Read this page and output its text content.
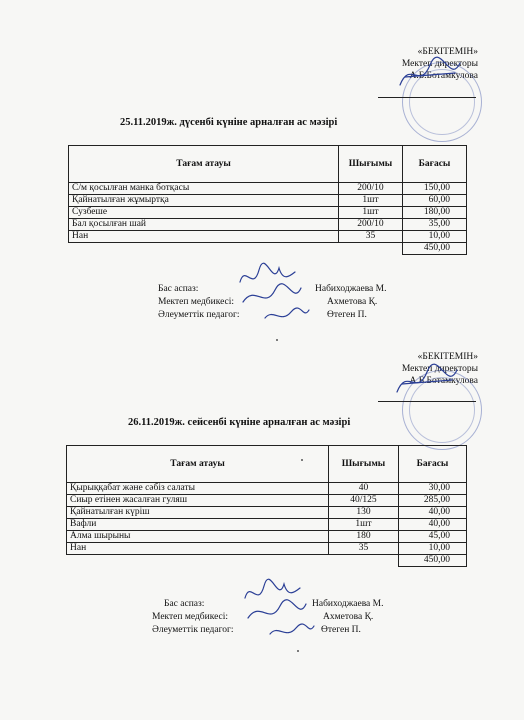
«БЕКІТЕМІН»
Мектеп директоры
А.Б.Ботамкулова
25.11.2019ж. дүсенбі күніне арналған ас мәзірі
Тағам атауы	Шығымы	Бағасы
С/м қосылған манка ботқасы	200/10	150,00
Қайнатылған жұмыртқа	1шт	60,00
Сузбеше	1шт	180,00
Бал қосылған шай	200/10	35,00
Нан	35	10,00
		450,00
Бас аспаз:	Набиходжаева М.
Мектеп медбикесі:	Ахметова Қ.
Әлеуметтік педагог:	Өтеген П.
«БЕКІТЕМІН»
Мектеп директоры
А.Б.Ботамкулова
26.11.2019ж. сейсенбі күніне арналған ас мәзірі
Тағам атауы	Шығымы	Бағасы
Қырыққабат және сәбіз салаты	40	30,00
Сиыр етінен жасалған гуляш	40/125	285,00
Қайнатылған күріш	130	40,00
Вафли	1шт	40,00
Алма шырыны	180	45,00
Нан	35	10,00
		450,00
Бас аспаз:	Набиходжаева М.
Мектеп медбикесі:	Ахметова Қ.
Әлеуметтік педагог:	Өтеген П.
